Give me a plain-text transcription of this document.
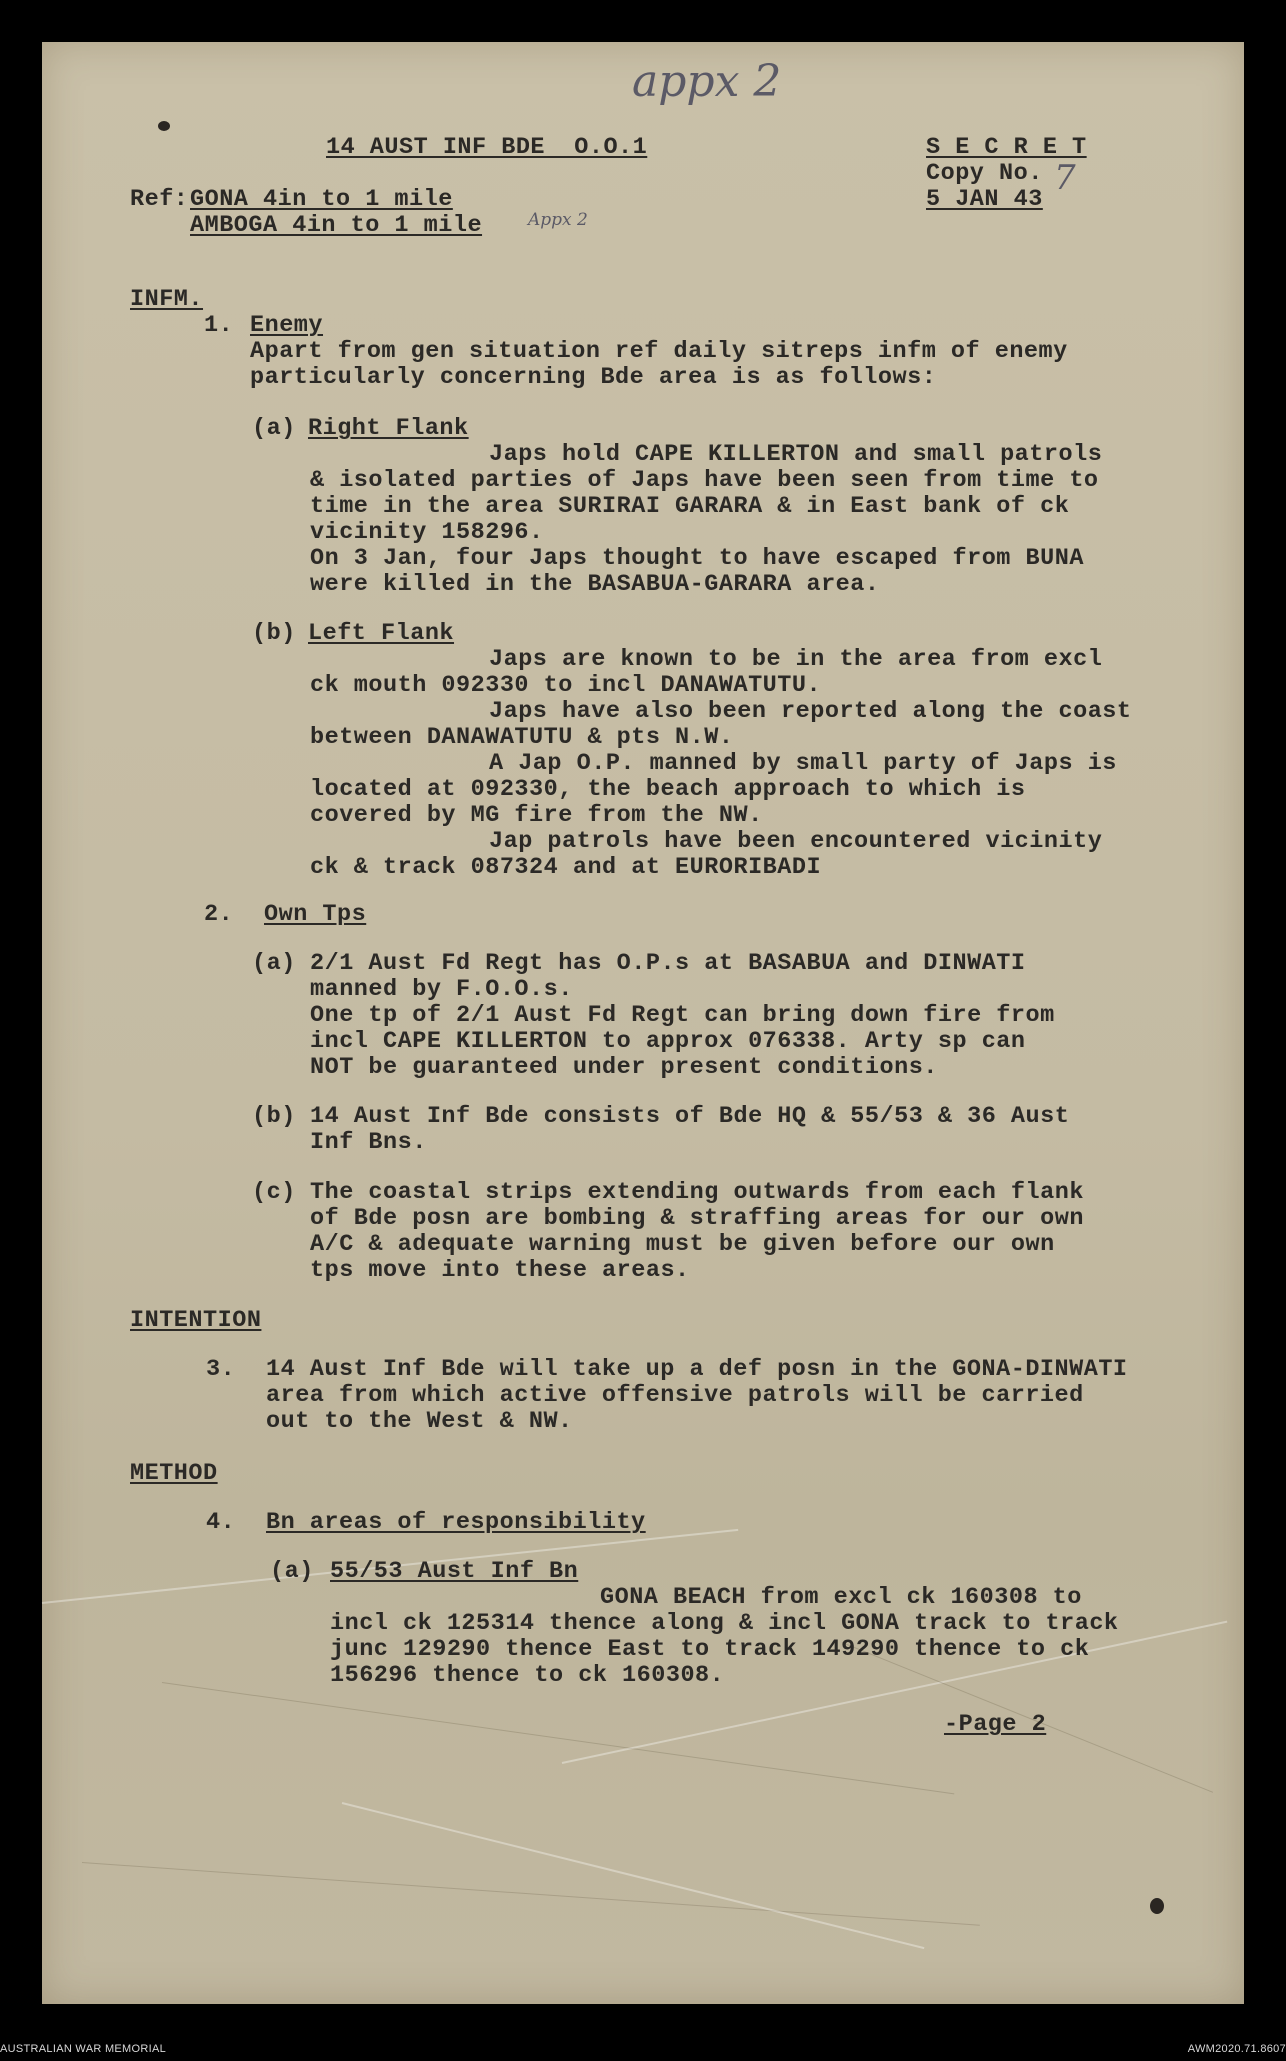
appx 2
Appx 2
7
14 AUST INF BDE  O.O.1	S E C R E T
Copy No.
5 JAN 43
Ref: GONA 4in to 1 mile
AMBOGA 4in to 1 mile
INFM.
1. Enemy
Apart from gen situation ref daily sitreps infm of enemy
particularly concerning Bde area is as follows:
(a) Right Flank
Japs hold CAPE KILLERTON and small patrols
& isolated parties of Japs have been seen from time to
time in the area SURIRAI GARARA & in East bank of ck
vicinity 158296.
On 3 Jan, four Japs thought to have escaped from BUNA
were killed in the BASABUA-GARARA area.
(b) Left Flank
Japs are known to be in the area from excl
ck mouth 092330 to incl DANAWATUTU.
Japs have also been reported along the coast
between DANAWATUTU & pts N.W.
A Jap O.P. manned by small party of Japs is
located at 092330, the beach approach to which is
covered by MG fire from the NW.
Jap patrols have been encountered vicinity
ck & track 087324 and at EURORIBADI
2. Own Tps
(a) 2/1 Aust Fd Regt has O.P.s at BASABUA and DINWATI
manned by F.O.O.s.
One tp of 2/1 Aust Fd Regt can bring down fire from
incl CAPE KILLERTON to approx 076338. Arty sp can
NOT be guaranteed under present conditions.
(b) 14 Aust Inf Bde consists of Bde HQ & 55/53 & 36 Aust
Inf Bns.
(c) The coastal strips extending outwards from each flank
of Bde posn are bombing & straffing areas for our own
A/C & adequate warning must be given before our own
tps move into these areas.
INTENTION
3. 14 Aust Inf Bde will take up a def posn in the GONA-DINWATI
area from which active offensive patrols will be carried
out to the West & NW.
METHOD
4. Bn areas of responsibility
(a) 55/53 Aust Inf Bn
GONA BEACH from excl ck 160308 to
incl ck 125314 thence along & incl GONA track to track
junc 129290 thence East to track 149290 thence to ck
156296 thence to ck 160308.
-Page 2
AUSTRALIAN WAR MEMORIAL	AWM2020.71.8607
